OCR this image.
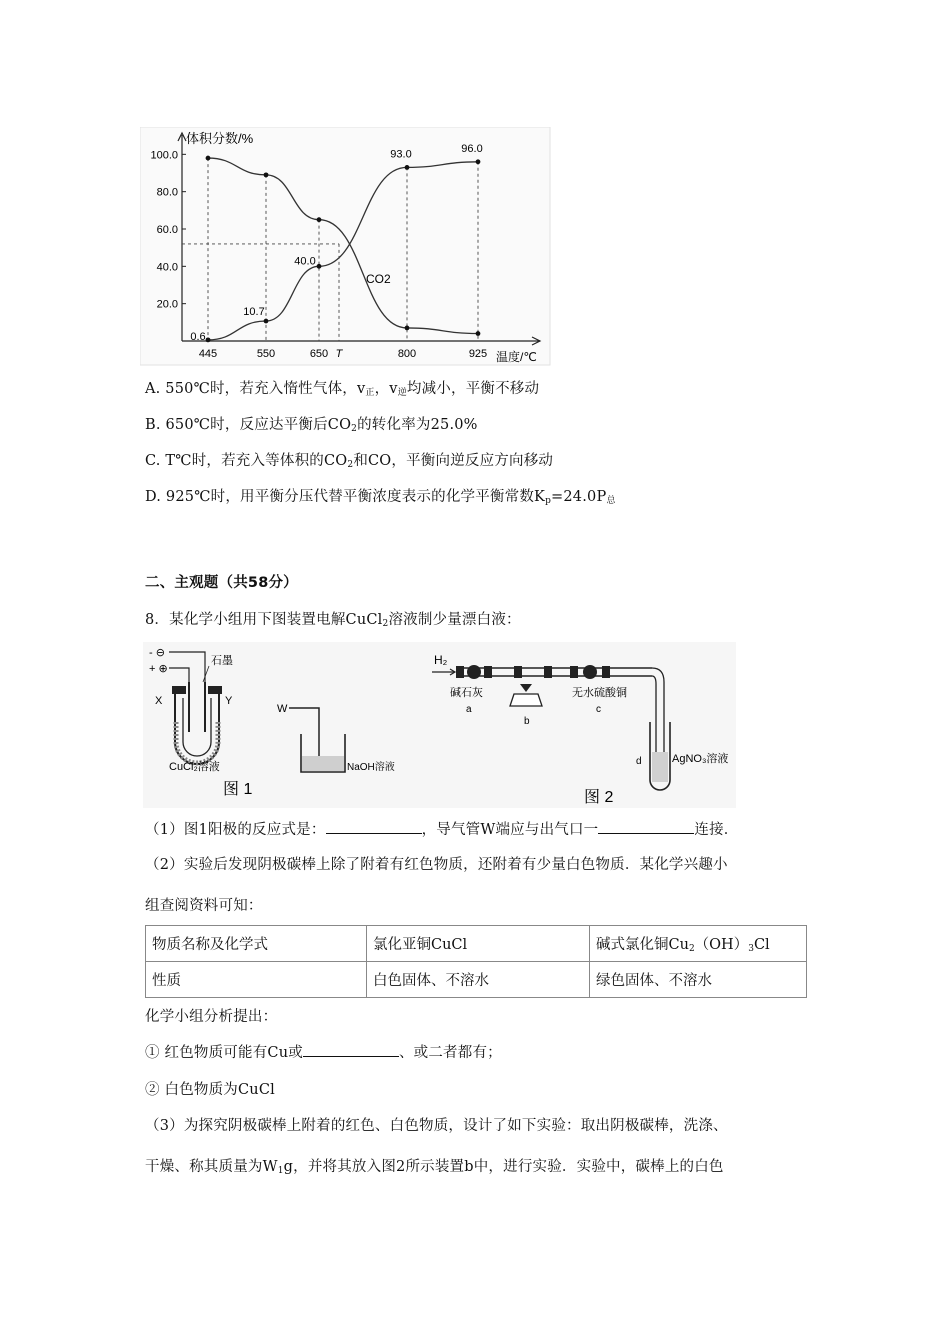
体积分数/%
温度/℃
20.0
40.0
60.0
80.0
100.0
445	550	650 T	800	925
0.6
10.7
40.0
93.0	96.0
CO2
A. 550℃时，若充入惰性气体，$v_正$，$v_逆$均减小，平衡不移动
B. 650℃时，反应达平衡后$CO_2$的转化率为25.0%
C. T℃时，若充入等体积的$CO_2$和CO，平衡向逆反应方向移动
D. 925℃时，用平衡分压代替平衡浓度表示的化学平衡常数$K_p=24.0P_总$
二、主观题（共58分）
8．某化学小组用下图装置电解CuCl$_2$溶液制少量漂白液：
- ⊖
+ ⊕
石墨
X	Y
CuCl₂溶液
图 1
W
NaOH溶液
H₂
碱石灰
a
b
无水硫酸铜
c
d	AgNO₃溶液
图 2
（1）图1阳极的反应式是：	，导气管W端应与出气口一	连接．
（2）实验后发现阴极碳棒上除了附着有红色物质，还附着有少量白色物质．某化学兴趣小
组查阅资料可知：
物质名称及化学式	氯化亚铜CuCl	碱式氯化铜$Cu_2(OH)_3Cl$
性质	白色固体、不溶水	绿色固体、不溶水
化学小组分析提出：
① 红色物质可能有Cu或	、或二者都有；
② 白色物质为CuCl
（3）为探究阴极碳棒上附着的红色、白色物质，设计了如下实验：取出阴极碳棒，洗涤、
干燥、称其质量为$W_1g$，并将其放入图2所示装置b中，进行实验．实验中，碳棒上的白色
